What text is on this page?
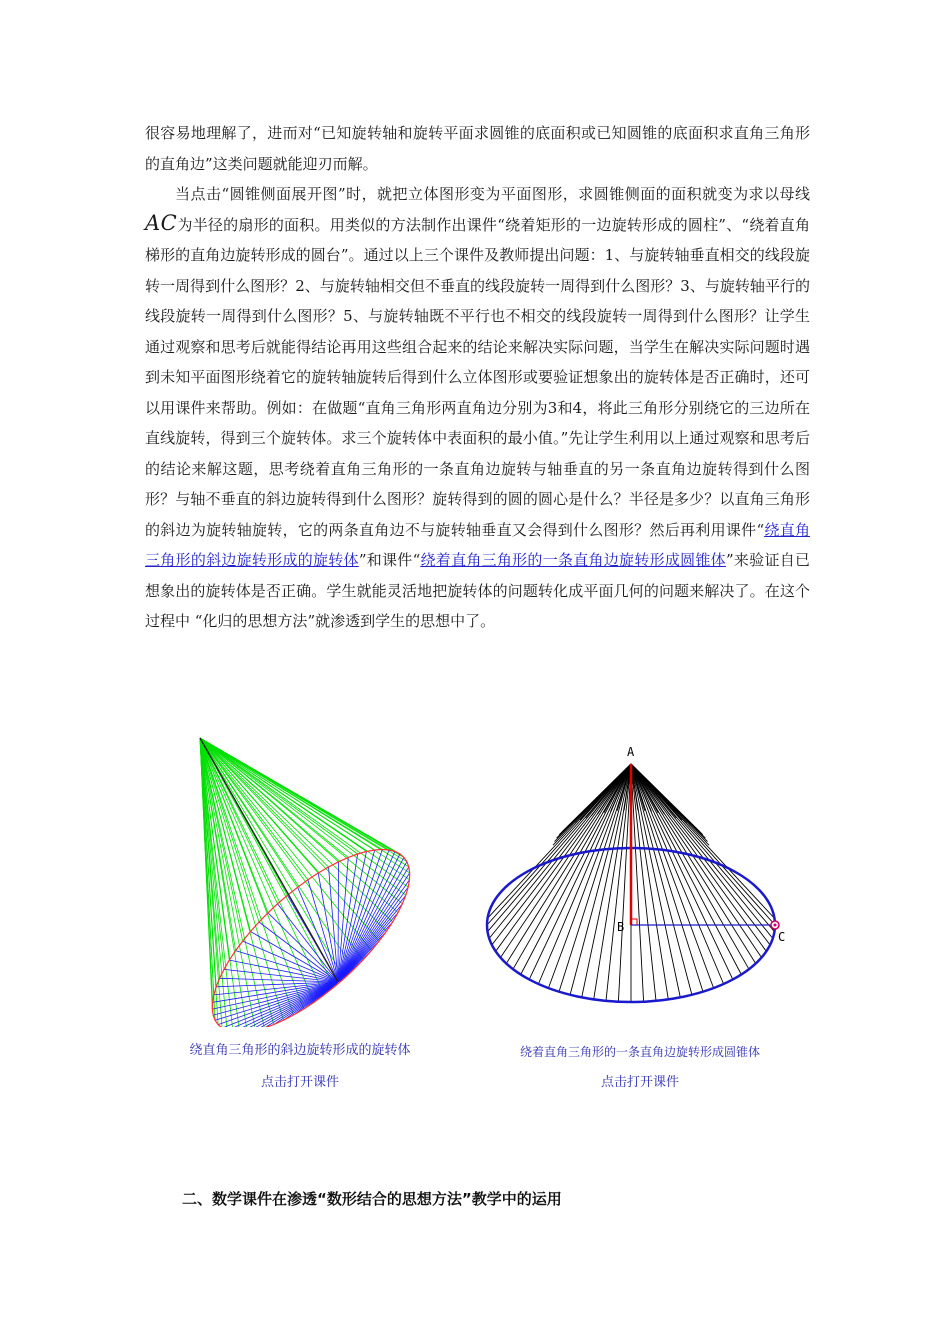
很容易地理解了，进而对“已知旋转轴和旋转平面求圆锥的底面积或已知圆锥的底面积求直角三角形的直角边”这类问题就能迎刃而解。

当点击“圆锥侧面展开图”时，就把立体图形变为平面图形，求圆锥侧面的面积就变为求以母线AC为半径的扇形的面积。用类似的方法制作出课件“绕着矩形的一边旋转形成的圆柱”、“绕着直角梯形的直角边旋转形成的圆台”。通过以上三个课件及教师提出问题：1、与旋转轴垂直相交的线段旋转一周得到什么图形？2、与旋转轴相交但不垂直的线段旋转一周得到什么图形？3、与旋转轴平行的线段旋转一周得到什么图形？5、与旋转轴既不平行也不相交的线段旋转一周得到什么图形？让学生通过观察和思考后就能得结论再用这些组合起来的结论来解决实际问题，当学生在解决实际问题时遇到未知平面图形绕着它的旋转轴旋转后得到什么立体图形或要验证想象出的旋转体是否正确时，还可以用课件来帮助。例如：在做题“直角三角形两直角边分别为3和4，将此三角形分别绕它的三边所在直线旋转，得到三个旋转体。求三个旋转体中表面积的最小值。”先让学生利用以上通过观察和思考后的结论来解这题，思考绕着直角三角形的一条直角边旋转与轴垂直的另一条直角边旋转得到什么图形？与轴不垂直的斜边旋转得到什么图形？旋转得到的圆的圆心是什么？半径是多少？以直角三角形的斜边为旋转轴旋转，它的两条直角边不与旋转轴垂直又会得到什么图形？然后再利用课件“绕直角三角形的斜边旋转形成的旋转体”和课件“绕着直角三角形的一条直角边旋转形成圆锥体”来验证自已想象出的旋转体是否正确。学生就能灵活地把旋转体的问题转化成平面几何的问题来解决了。在这个过程中 “化归的思想方法”就渗透到学生的思想中了。

绕直角三角形的斜边旋转形成的旋转体
点击打开课件
A
B
C
绕着直角三角形的一条直角边旋转形成圆锥体
点击打开课件
二、数学课件在渗透“数形结合的思想方法”教学中的运用
